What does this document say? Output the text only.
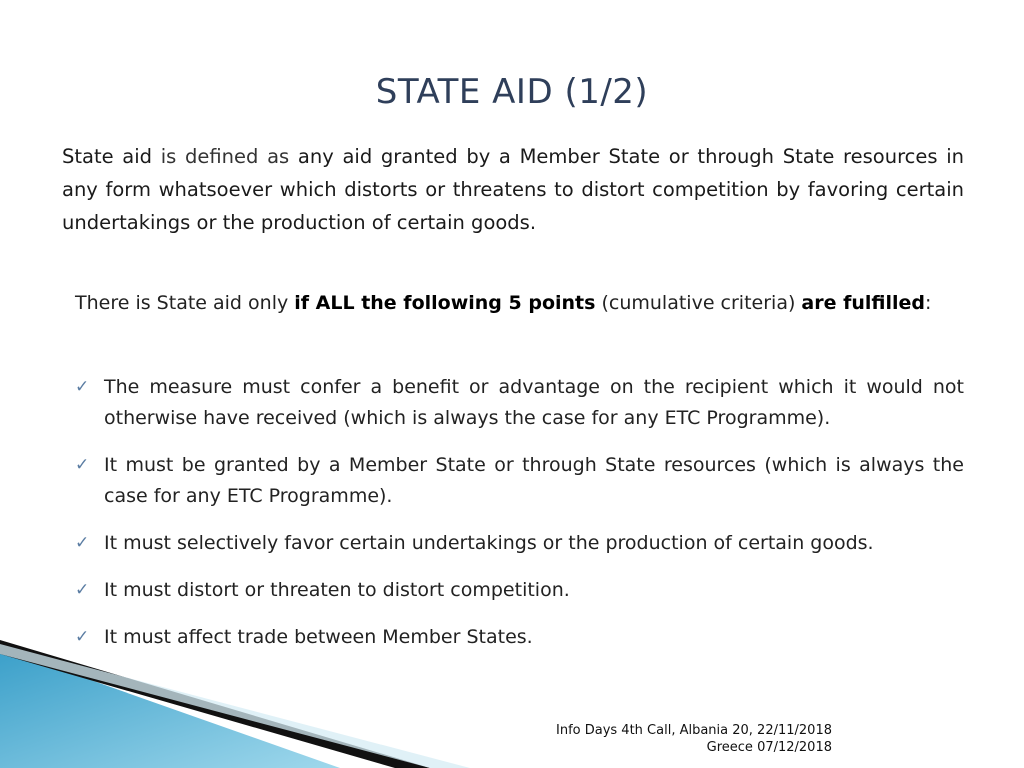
STATE AID (1/2)
State aid is defined as any aid granted by a Member State or through State resources in any form whatsoever which distorts or threatens to distort competition by favoring certain undertakings or the production of certain goods.
There is State aid only if ALL the following 5 points (cumulative criteria) are fulfilled:
✓ The measure must confer a benefit or advantage on the recipient which it would not otherwise have received (which is always the case for any ETC Programme).
✓ It must be granted by a Member State or through State resources (which is always the case for any ETC Programme).
✓ It must selectively favor certain undertakings or the production of certain goods.
✓ It must distort or threaten to distort competition.
✓ It must affect trade between Member States.
Info Days 4th Call, Albania 20, 22/11/2018
Greece 07/12/2018
